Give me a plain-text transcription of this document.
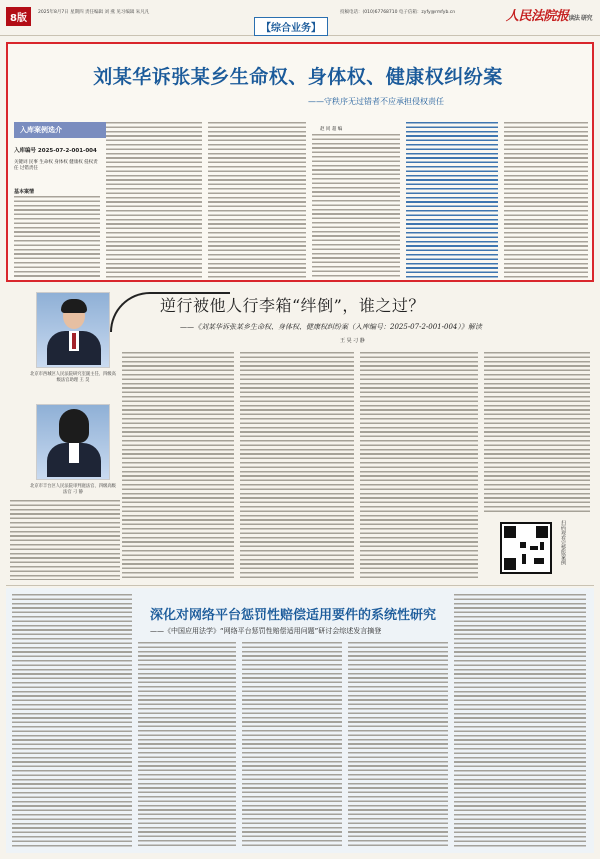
8版
2025年8月7日 星期四 责任编辑 刘 燕 见习编辑 朱凡凡	投稿电话：(010)67768710 电子信箱：zyfy@rmfyb.cn	人民法院报读法 研究
【综合业务】
刘某华诉张某乡生命权、身体权、健康权纠纷案
——守秩序无过错者不应承担侵权责任
入库案例选介
入库编号 2025-07-2-001-004
关键词 民事 生命权 身体权 健康权 侵权责任 过错责任
基本案情
赵 同 超 编
北京市西城区人民法院研究室副主任、四级高级法官助理 王 昊
北京市丰台区人民法院审判庭法官、四级高级法官 刁 静
逆行被他人行李箱“绊倒”，谁之过？
——《刘某华诉张某乡生命权、身体权、健康权纠纷案（入库编号：2025-07-2-001-004）》解读
王 昊 刁 静
扫码观看完整版案例
深化对网络平台惩罚性赔偿适用要件的系统性研究
——《中国应用法学》“网络平台惩罚性赔偿适用问题”研讨会综述发言摘登
